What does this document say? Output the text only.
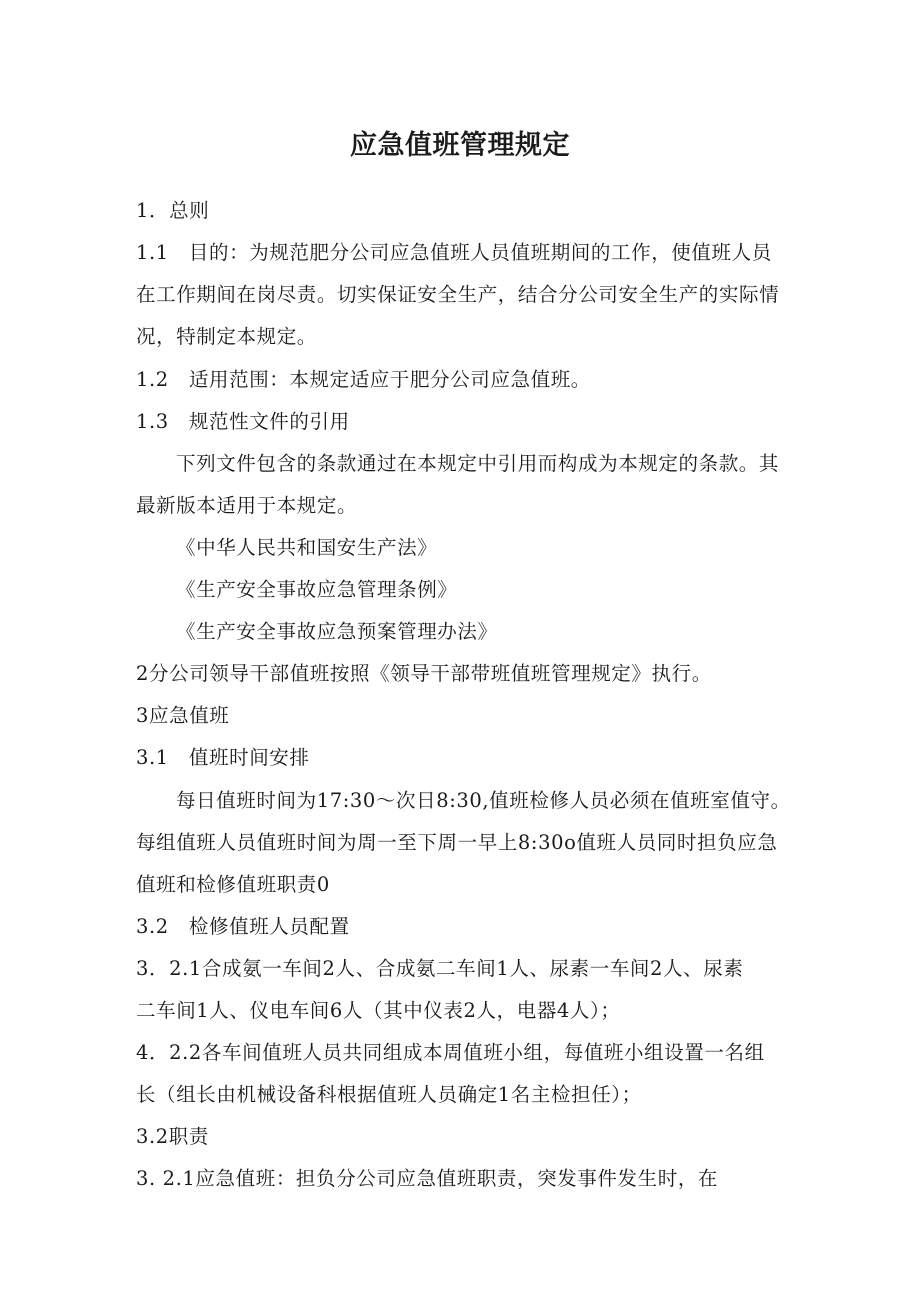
应急值班管理规定
1．总则
1.1　目的：为规范肥分公司应急值班人员值班期间的工作，使值班人员
在工作期间在岗尽责。切实保证安全生产，结合分公司安全生产的实际情
况，特制定本规定。
1.2　适用范围：本规定适应于肥分公司应急值班。
1.3　规范性文件的引用
下列文件包含的条款通过在本规定中引用而构成为本规定的条款。其
最新版本适用于本规定。
《中华人民共和国安生产法》
《生产安全事故应急管理条例》
《生产安全事故应急预案管理办法》
2分公司领导干部值班按照《领导干部带班值班管理规定》执行。
3应急值班
3.1　值班时间安排
每日值班时间为17:30～次日8:30,值班检修人员必须在值班室值守。
每组值班人员值班时间为周一至下周一早上8:30o值班人员同时担负应急
值班和检修值班职责0
3.2　检修值班人员配置
3．2.1合成氨一车间2人、合成氨二车间1人、尿素一车间2人、尿素
二车间1人、仪电车间6人（其中仪表2人，电器4人）；
4．2.2各车间值班人员共同组成本周值班小组，每值班小组设置一名组
长（组长由机械设备科根据值班人员确定1名主检担任）；
3.2职责
3. 2.1应急值班：担负分公司应急值班职责，突发事件发生时，在
